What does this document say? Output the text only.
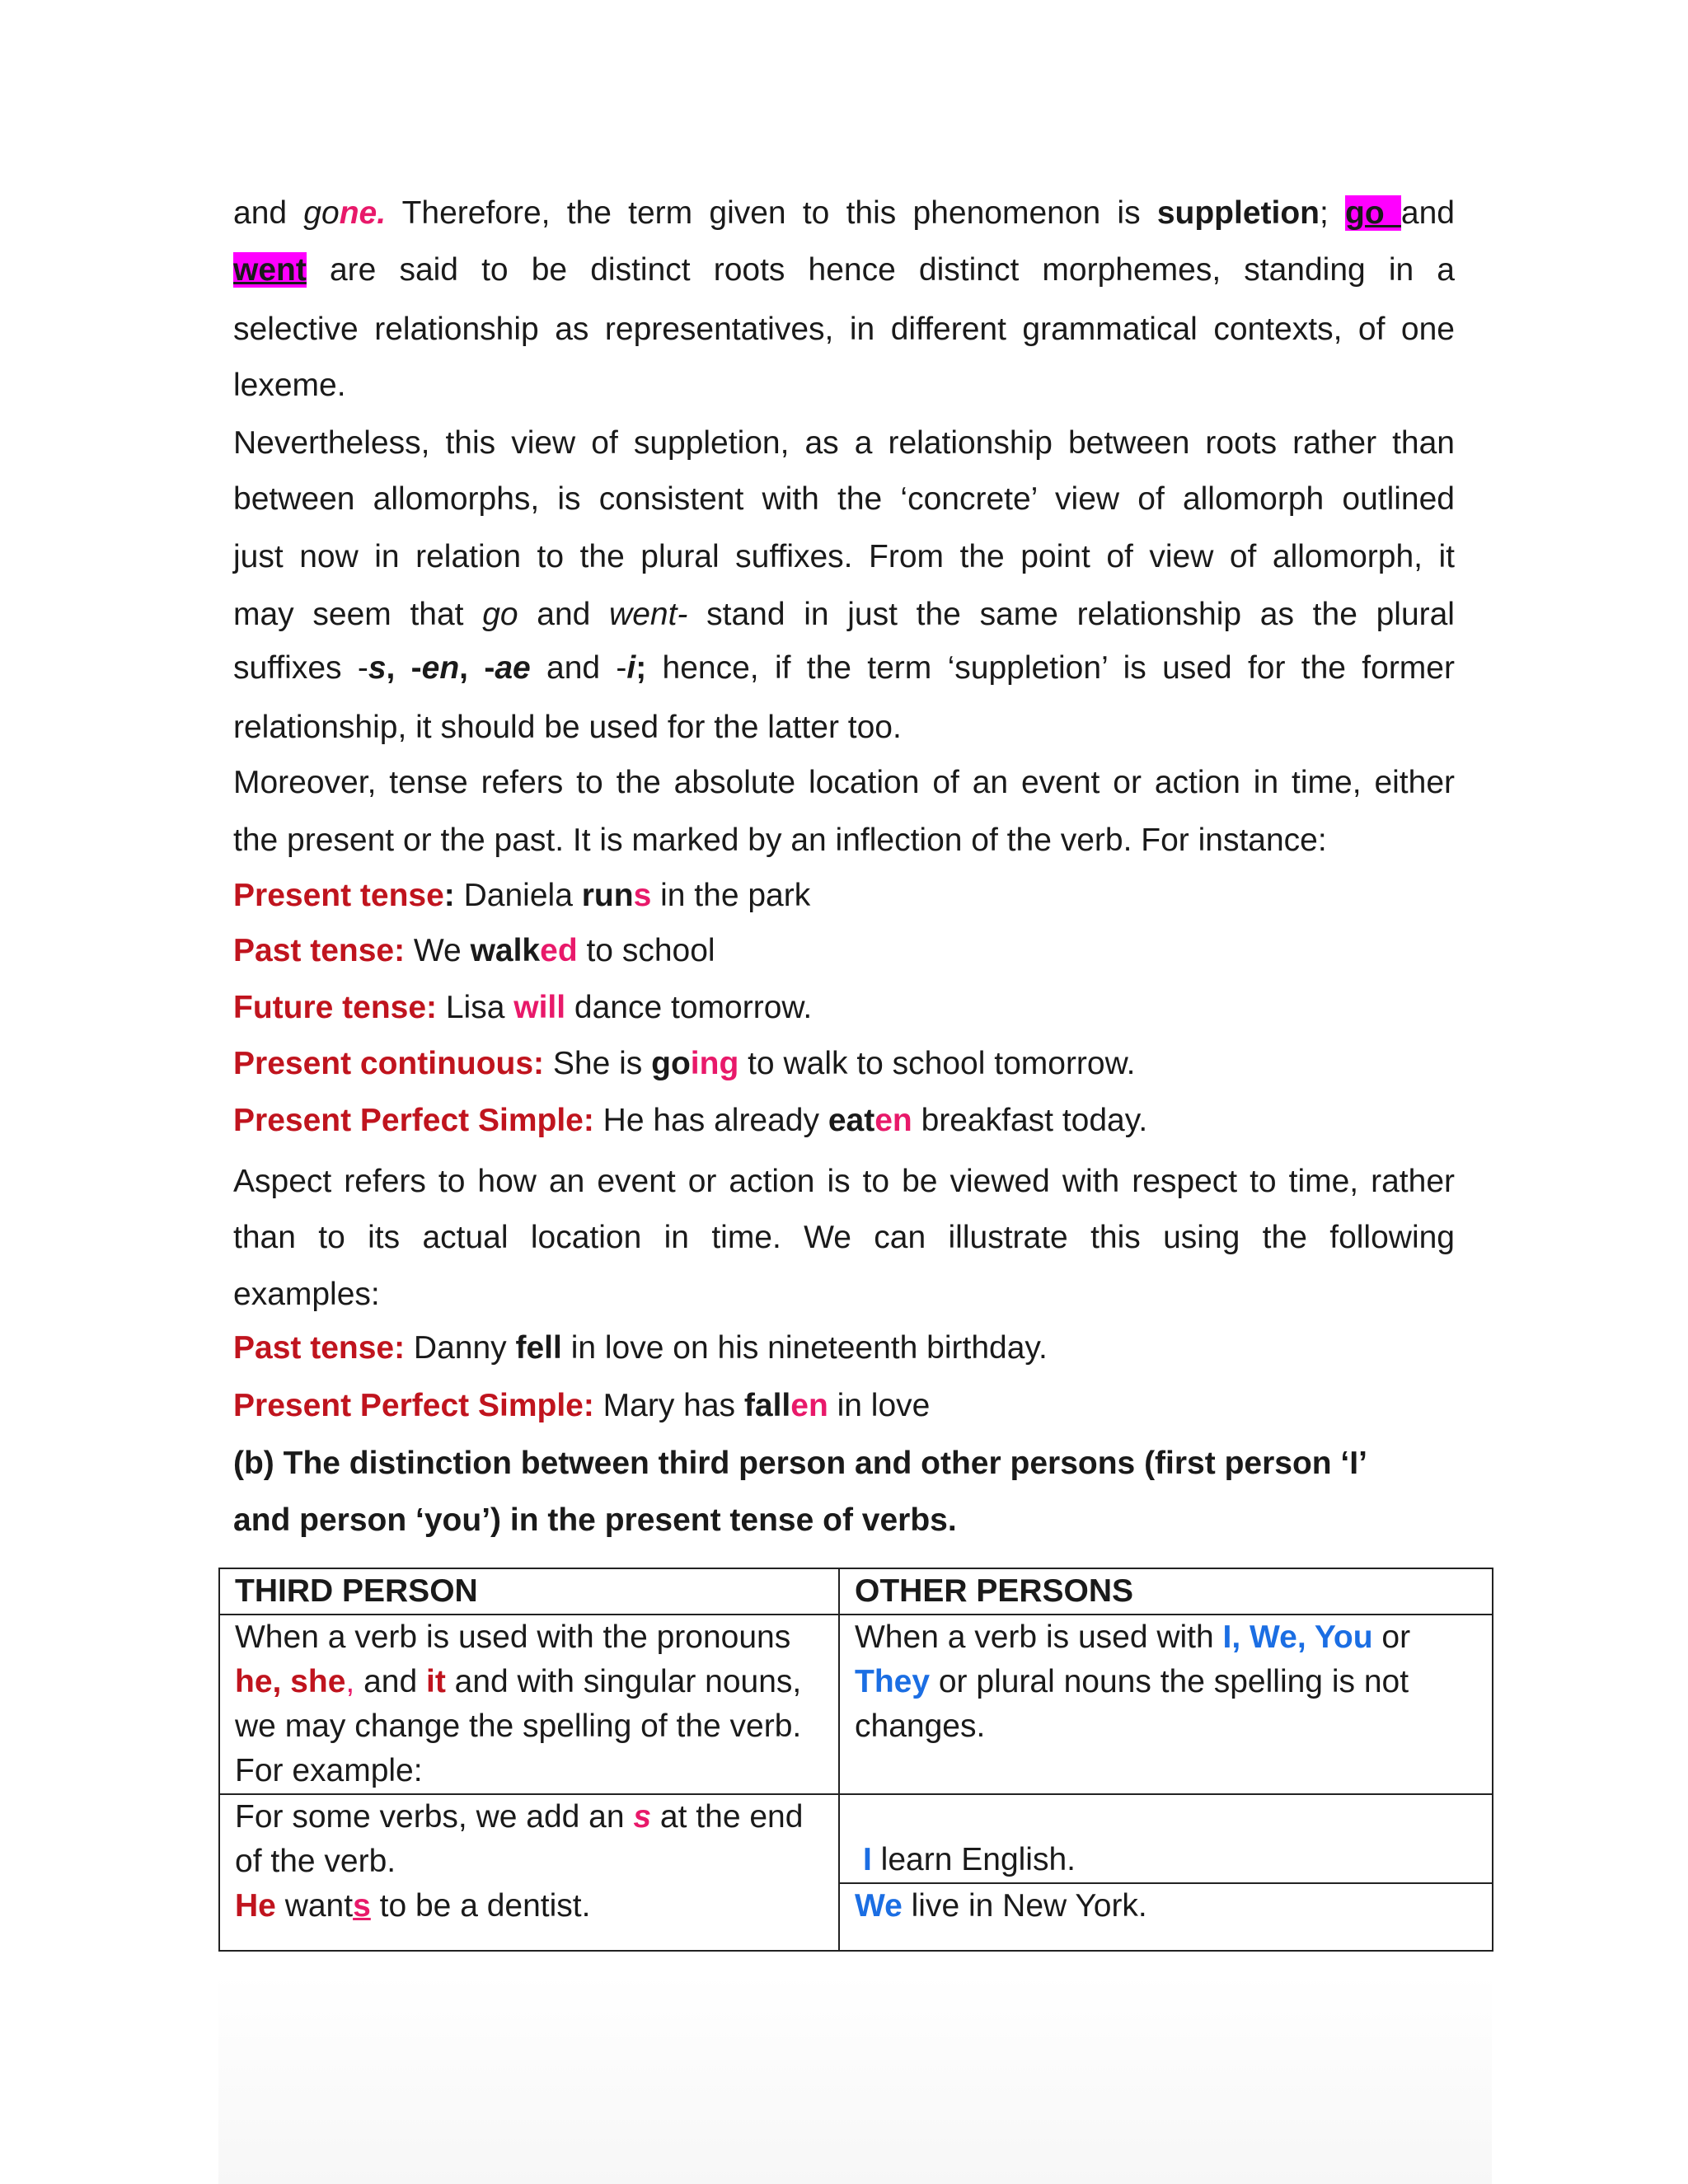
and gone. Therefore, the term given to this phenomenon is suppletion; go and
went are said to be distinct roots hence distinct morphemes, standing in a
selective relationship as representatives, in different grammatical contexts, of one
lexeme.
Nevertheless, this view of suppletion, as a relationship between roots rather than
between allomorphs, is consistent with the ‘concrete’ view of allomorph outlined
just now in relation to the plural suffixes. From the point of view of allomorph, it
may seem that go and went- stand in just the same relationship as the plural
suffixes -s, -en, -ae and -i; hence, if the term ‘suppletion’ is used for the former
relationship, it should be used for the latter too.
Moreover, tense refers to the absolute location of an event or action in time, either
the present or the past. It is marked by an inflection of the verb. For instance:
Present tense: Daniela runs in the park
Past tense: We walked to school
Future tense: Lisa will dance tomorrow.
Present continuous: She is going to walk to school tomorrow.
Present Perfect Simple: He has already eaten breakfast today.
Aspect refers to how an event or action is to be viewed with respect to time, rather
than to its actual location in time. We can illustrate this using the following
examples:
Past tense: Danny fell in love on his nineteenth birthday.
Present Perfect Simple: Mary has fallen in love
(b) The distinction between third person and other persons (first person ‘I’
and person ‘you’) in the present tense of verbs.
THIRD PERSON	OTHER PERSONS

When a verb is used with the pronouns
he, she, and it and with singular nouns,
we may change the spelling of the verb.
For example:	When a verb is used with I, We, You or
They or plural nouns the spelling is not
changes.

For some verbs, we add an s at the end
of the verb.
He wants to be a dentist.	I learn English.

	We live in New York.
